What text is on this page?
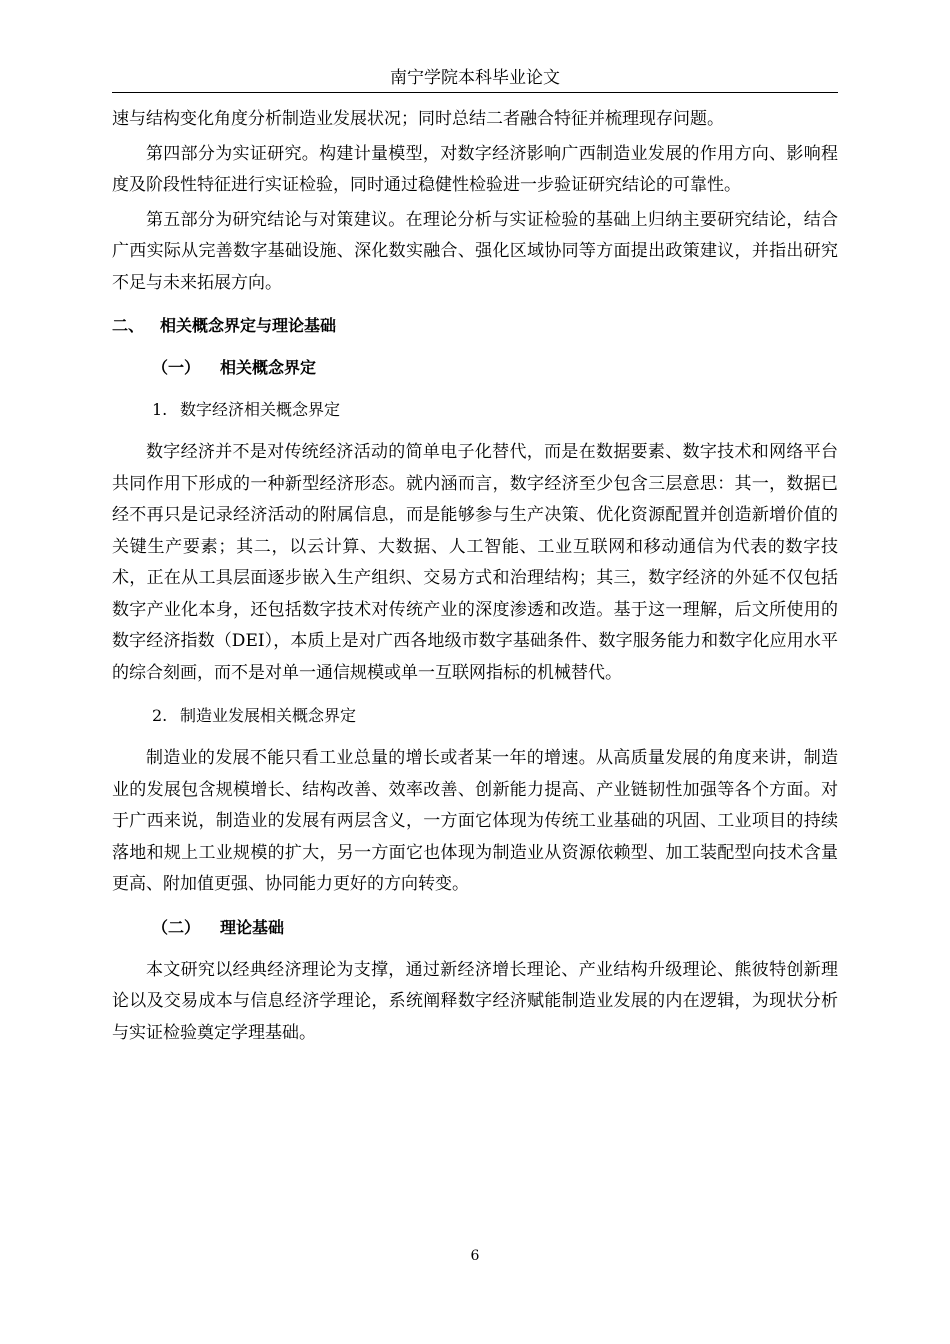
南宁学院本科毕业论文

速与结构变化角度分析制造业发展状况；同时总结二者融合特征并梳理现存问题。

第四部分为实证研究。构建计量模型，对数字经济影响广西制造业发展的作用方向、影响程度及阶段性特征进行实证检验，同时通过稳健性检验进一步验证研究结论的可靠性。

第五部分为研究结论与对策建议。在理论分析与实证检验的基础上归纳主要研究结论，结合广西实际从完善数字基础设施、深化数实融合、强化区域协同等方面提出政策建议，并指出研究不足与未来拓展方向。

二、 相关概念界定与理论基础
（一） 相关概念界定
1. 数字经济相关概念界定

数字经济并不是对传统经济活动的简单电子化替代，而是在数据要素、数字技术和网络平台共同作用下形成的一种新型经济形态。就内涵而言，数字经济至少包含三层意思：其一，数据已经不再只是记录经济活动的附属信息，而是能够参与生产决策、优化资源配置并创造新增价值的关键生产要素；其二，以云计算、大数据、人工智能、工业互联网和移动通信为代表的数字技术，正在从工具层面逐步嵌入生产组织、交易方式和治理结构；其三，数字经济的外延不仅包括数字产业化本身，还包括数字技术对传统产业的深度渗透和改造。基于这一理解，后文所使用的数字经济指数（DEI），本质上是对广西各地级市数字基础条件、数字服务能力和数字化应用水平的综合刻画，而不是对单一通信规模或单一互联网指标的机械替代。

2. 制造业发展相关概念界定

制造业的发展不能只看工业总量的增长或者某一年的增速。从高质量发展的角度来讲，制造业的发展包含规模增长、结构改善、效率改善、创新能力提高、产业链韧性加强等各个方面。对于广西来说，制造业的发展有两层含义，一方面它体现为传统工业基础的巩固、工业项目的持续落地和规上工业规模的扩大，另一方面它也体现为制造业从资源依赖型、加工装配型向技术含量更高、附加值更强、协同能力更好的方向转变。

（二） 理论基础

本文研究以经典经济理论为支撑，通过新经济增长理论、产业结构升级理论、熊彼特创新理论以及交易成本与信息经济学理论，系统阐释数字经济赋能制造业发展的内在逻辑，为现状分析与实证检验奠定学理基础。

6
